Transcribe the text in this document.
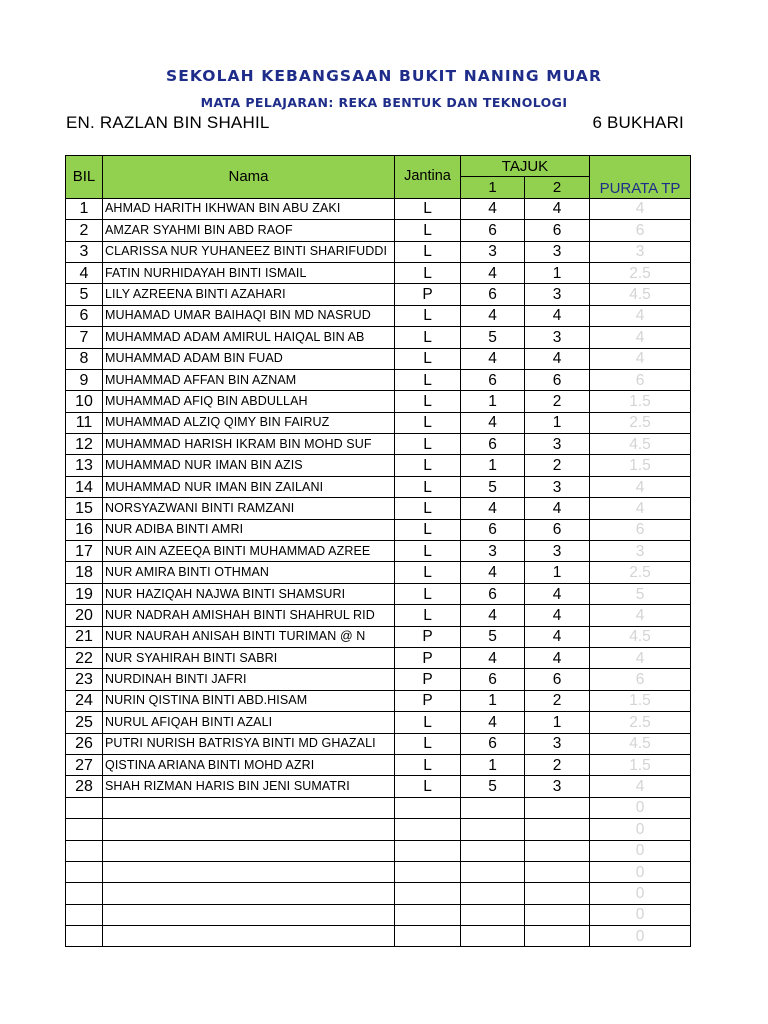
SEKOLAH KEBANGSAAN BUKIT NANING MUAR
MATA PELAJARAN: REKA BENTUK DAN TEKNOLOGI
EN. RAZLAN BIN SHAHIL	6 BUKHARI
BIL	Nama	Jantina	TAJUK		PURATA TP
			1	2	
1	AHMAD HARITH IKHWAN BIN ABU ZAKI	L	4	4	4
2	AMZAR SYAHMI BIN ABD RAOF	L	6	6	6
3	CLARISSA NUR YUHANEEZ BINTI SHARIFUDDI	L	3	3	3
4	FATIN NURHIDAYAH BINTI ISMAIL	L	4	1	2.5
5	LILY AZREENA BINTI AZAHARI	P	6	3	4.5
6	MUHAMAD UMAR BAIHAQI BIN MD NASRUD	L	4	4	4
7	MUHAMMAD ADAM AMIRUL HAIQAL BIN AB	L	5	3	4
8	MUHAMMAD ADAM BIN FUAD	L	4	4	4
9	MUHAMMAD AFFAN BIN AZNAM	L	6	6	6
10	MUHAMMAD AFIQ BIN ABDULLAH	L	1	2	1.5
11	MUHAMMAD ALZIQ QIMY BIN FAIRUZ	L	4	1	2.5
12	MUHAMMAD HARISH IKRAM BIN MOHD SUF	L	6	3	4.5
13	MUHAMMAD NUR IMAN BIN AZIS	L	1	2	1.5
14	MUHAMMAD NUR IMAN BIN ZAILANI	L	5	3	4
15	NORSYAZWANI BINTI RAMZANI	L	4	4	4
16	NUR ADIBA BINTI AMRI	L	6	6	6
17	NUR AIN AZEEQA BINTI MUHAMMAD AZREE	L	3	3	3
18	NUR AMIRA BINTI OTHMAN	L	4	1	2.5
19	NUR HAZIQAH NAJWA BINTI SHAMSURI	L	6	4	5
20	NUR NADRAH AMISHAH BINTI SHAHRUL RID	L	4	4	4
21	NUR NAURAH ANISAH BINTI TURIMAN @ N	P	5	4	4.5
22	NUR SYAHIRAH BINTI SABRI	P	4	4	4
23	NURDINAH BINTI JAFRI	P	6	6	6
24	NURIN QISTINA BINTI ABD.HISAM	P	1	2	1.5
25	NURUL AFIQAH BINTI AZALI	L	4	1	2.5
26	PUTRI NURISH BATRISYA BINTI MD GHAZALI	L	6	3	4.5
27	QISTINA ARIANA BINTI MOHD AZRI	L	1	2	1.5
28	SHAH RIZMAN HARIS BIN JENI SUMATRI	L	5	3	4
					0
					0
					0
					0
					0
					0
					0
